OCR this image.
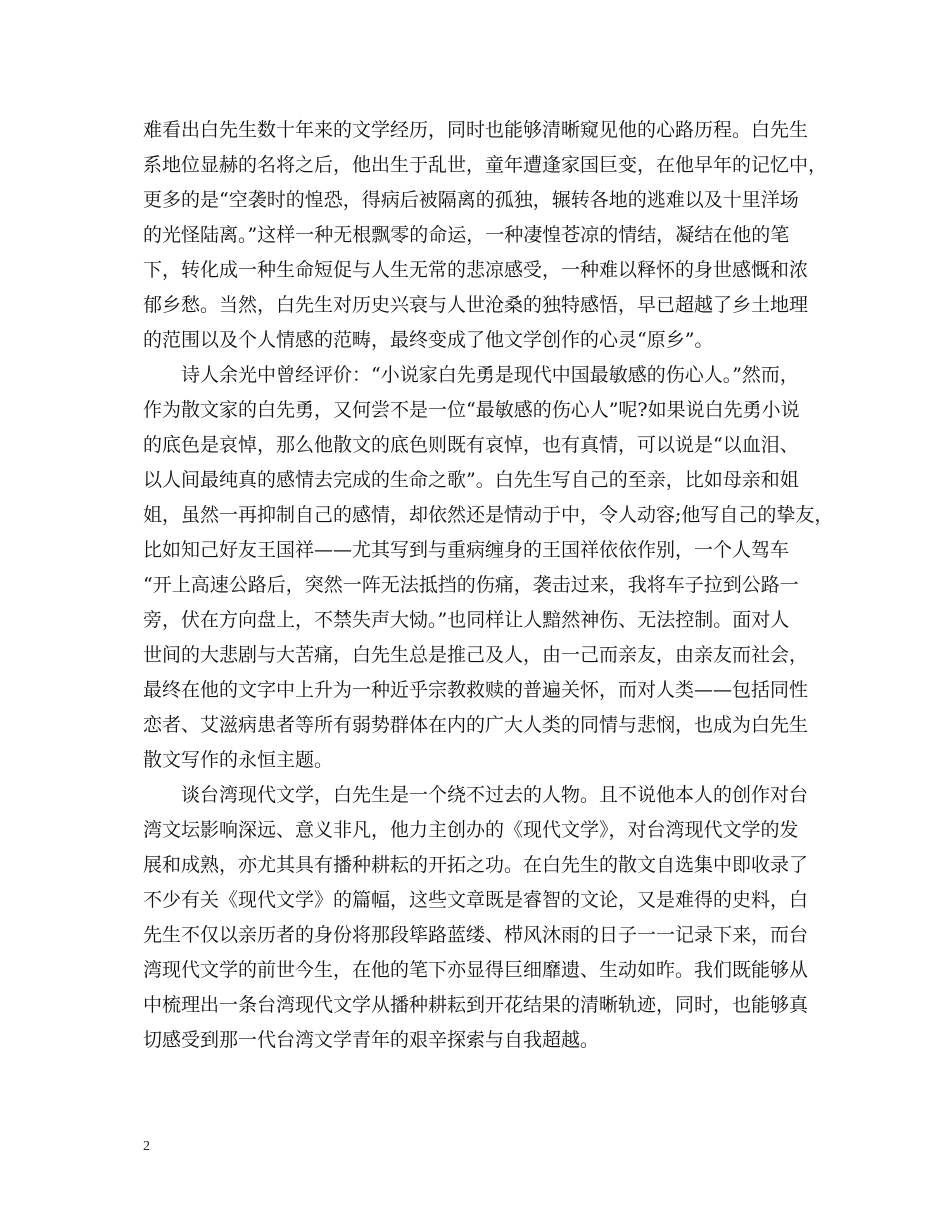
难看出白先生数十年来的文学经历，同时也能够清晰窥见他的心路历程。白先生
系地位显赫的名将之后，他出生于乱世，童年遭逢家国巨变，在他早年的记忆中，
更多的是“空袭时的惶恐，得病后被隔离的孤独，辗转各地的逃难以及十里洋场
的光怪陆离。”这样一种无根飘零的命运，一种凄惶苍凉的情结，凝结在他的笔
下，转化成一种生命短促与人生无常的悲凉感受，一种难以释怀的身世感慨和浓
郁乡愁。当然，白先生对历史兴衰与人世沧桑的独特感悟，早已超越了乡土地理
的范围以及个人情感的范畴，最终变成了他文学创作的心灵“原乡”。
诗人余光中曾经评价：“小说家白先勇是现代中国最敏感的伤心人。”然而，
作为散文家的白先勇，又何尝不是一位“最敏感的伤心人”呢?如果说白先勇小说
的底色是哀悼，那么他散文的底色则既有哀悼，也有真情，可以说是“以血泪、
以人间最纯真的感情去完成的生命之歌”。白先生写自己的至亲，比如母亲和姐
姐，虽然一再抑制自己的感情，却依然还是情动于中，令人动容;他写自己的挚友，
比如知己好友王国祥——尤其写到与重病缠身的王国祥依依作别，一个人驾车
“开上高速公路后，突然一阵无法抵挡的伤痛，袭击过来，我将车子拉到公路一
旁，伏在方向盘上，不禁失声大恸。”也同样让人黯然神伤、无法控制。面对人
世间的大悲剧与大苦痛，白先生总是推己及人，由一己而亲友，由亲友而社会，
最终在他的文字中上升为一种近乎宗教救赎的普遍关怀，而对人类——包括同性
恋者、艾滋病患者等所有弱势群体在内的广大人类的同情与悲悯，也成为白先生
散文写作的永恒主题。
谈台湾现代文学，白先生是一个绕不过去的人物。且不说他本人的创作对台
湾文坛影响深远、意义非凡，他力主创办的《现代文学》，对台湾现代文学的发
展和成熟，亦尤其具有播种耕耘的开拓之功。在白先生的散文自选集中即收录了
不少有关《现代文学》的篇幅，这些文章既是睿智的文论，又是难得的史料，白
先生不仅以亲历者的身份将那段筚路蓝缕、栉风沐雨的日子一一记录下来，而台
湾现代文学的前世今生，在他的笔下亦显得巨细靡遗、生动如昨。我们既能够从
中梳理出一条台湾现代文学从播种耕耘到开花结果的清晰轨迹，同时，也能够真
切感受到那一代台湾文学青年的艰辛探索与自我超越。
2
